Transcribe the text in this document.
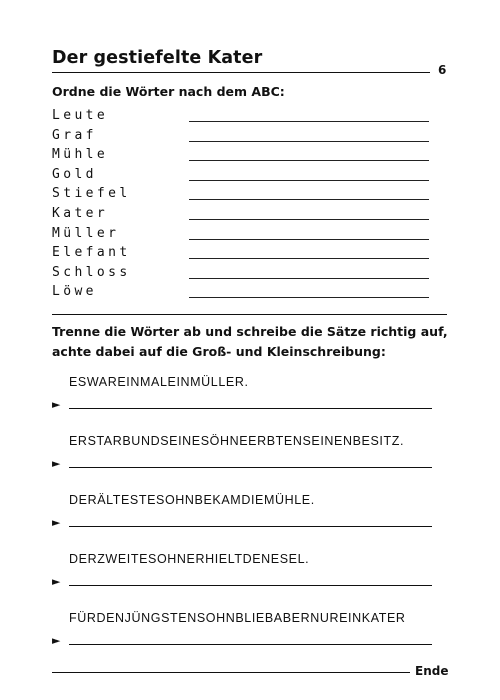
Der gestiefelte Kater
6
Ordne die Wörter nach dem ABC:
Leute
Graf
Mühle
Gold
Stiefel
Kater
Müller
Elefant
Schloss
Löwe
Trenne die Wörter ab und schreibe die Sätze richtig auf,
achte dabei auf die Groß- und Kleinschreibung:
ESWAREINMALEINMÜLLER.
►
ERSTARBUNDSEINESÖHNEERBTENSEINENBESITZ.
►
DERÄLTESTESOHNBEKAMDIEMÜHLE.
►
DERZWEITESOHNERHIELTDENESEL.
►
FÜRDENJÜNGSTENSOHNBLIEBABERNUREINKATER
►
Ende
